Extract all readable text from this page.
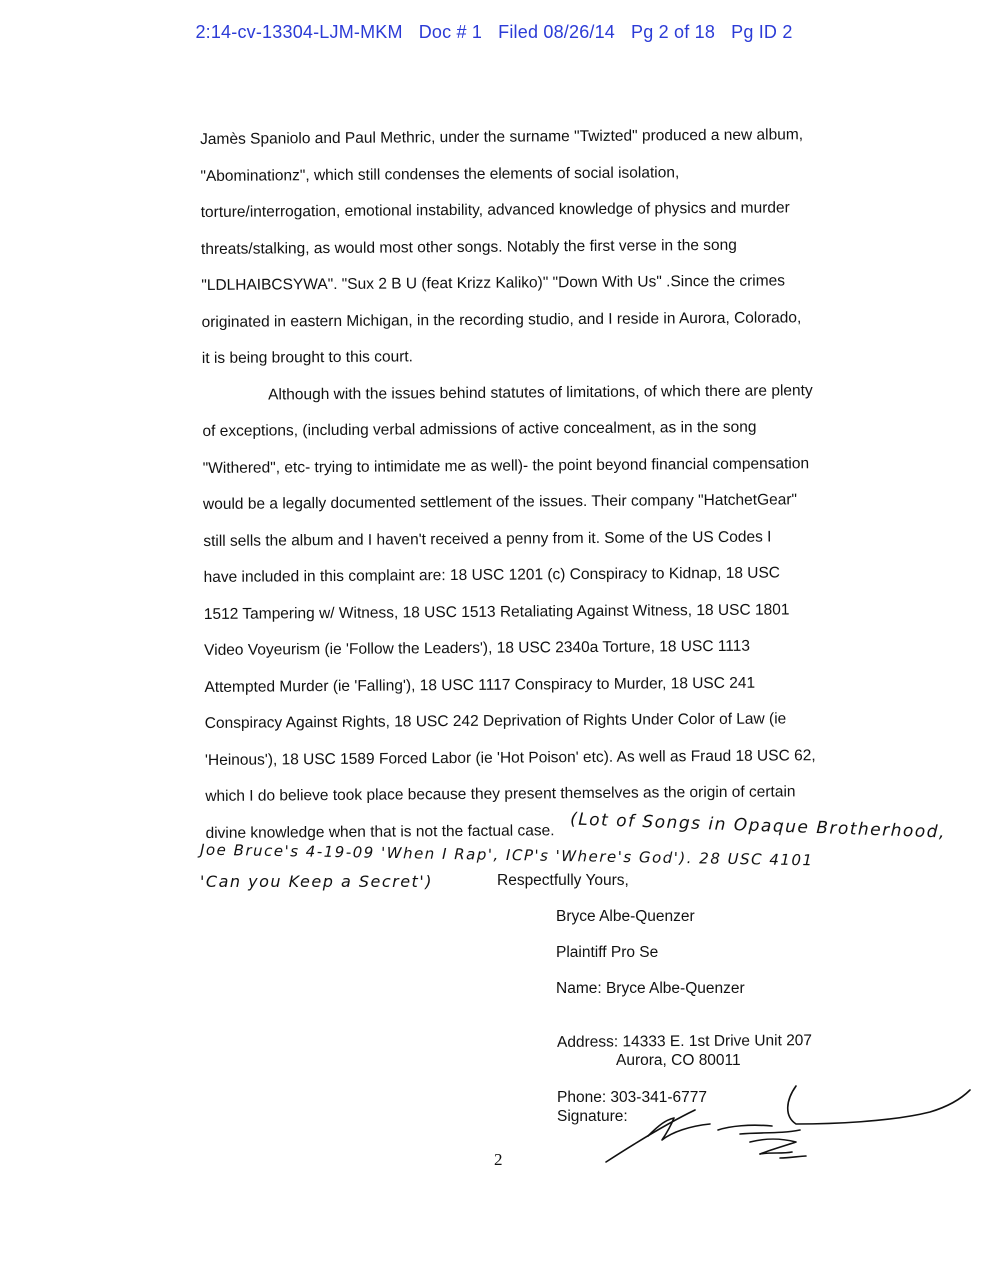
2:14-cv-13304-LJM-MKM Doc # 1 Filed 08/26/14 Pg 2 of 18 Pg ID 2

Jamès Spaniolo and Paul Methric, under the surname "Twizted" produced a new album,
"Abominationz", which still condenses the elements of social isolation,
torture/interrogation, emotional instability, advanced knowledge of physics and murder
threats/stalking, as would most other songs. Notably the first verse in the song
"LDLHAIBCSYWA". "Sux 2 B U (feat Krizz Kaliko)" "Down With Us" .Since the crimes
originated in eastern Michigan, in the recording studio, and I reside in Aurora, Colorado,
it is being brought to this court.

Although with the issues behind statutes of limitations, of which there are plenty
of exceptions, (including verbal admissions of active concealment, as in the song
"Withered", etc- trying to intimidate me as well)- the point beyond financial compensation
would be a legally documented settlement of the issues. Their company "HatchetGear"
still sells the album and I haven't received a penny from it. Some of the US Codes I
have included in this complaint are: 18 USC 1201 (c) Conspiracy to Kidnap, 18 USC
1512 Tampering w/ Witness, 18 USC 1513 Retaliating Against Witness, 18 USC 1801
Video Voyeurism (ie 'Follow the Leaders'), 18 USC 2340a Torture, 18 USC 1113
Attempted Murder (ie 'Falling'), 18 USC 1117 Conspiracy to Murder, 18 USC 241
Conspiracy Against Rights, 18 USC 242 Deprivation of Rights Under Color of Law (ie
'Heinous'), 18 USC 1589 Forced Labor (ie 'Hot Poison' etc). As well as Fraud 18 USC 62,
which I do believe took place because they present themselves as the origin of certain
divine knowledge when that is not the factual case. (Lot of Songs in Opaque Brotherhood,
Joe Bruce's 4-19-09 'When I Rap', ICP's 'Where's God'). 28 USC 4101
'Can you Keep a Secret')	Respectfully Yours,
Bryce Albe-Quenzer
Plaintiff Pro Se
Name: Bryce Albe-Quenzer
Address: 14333 E. 1st Drive Unit 207
Aurora, CO 80011
Phone: 303-341-6777
Signature:
2
